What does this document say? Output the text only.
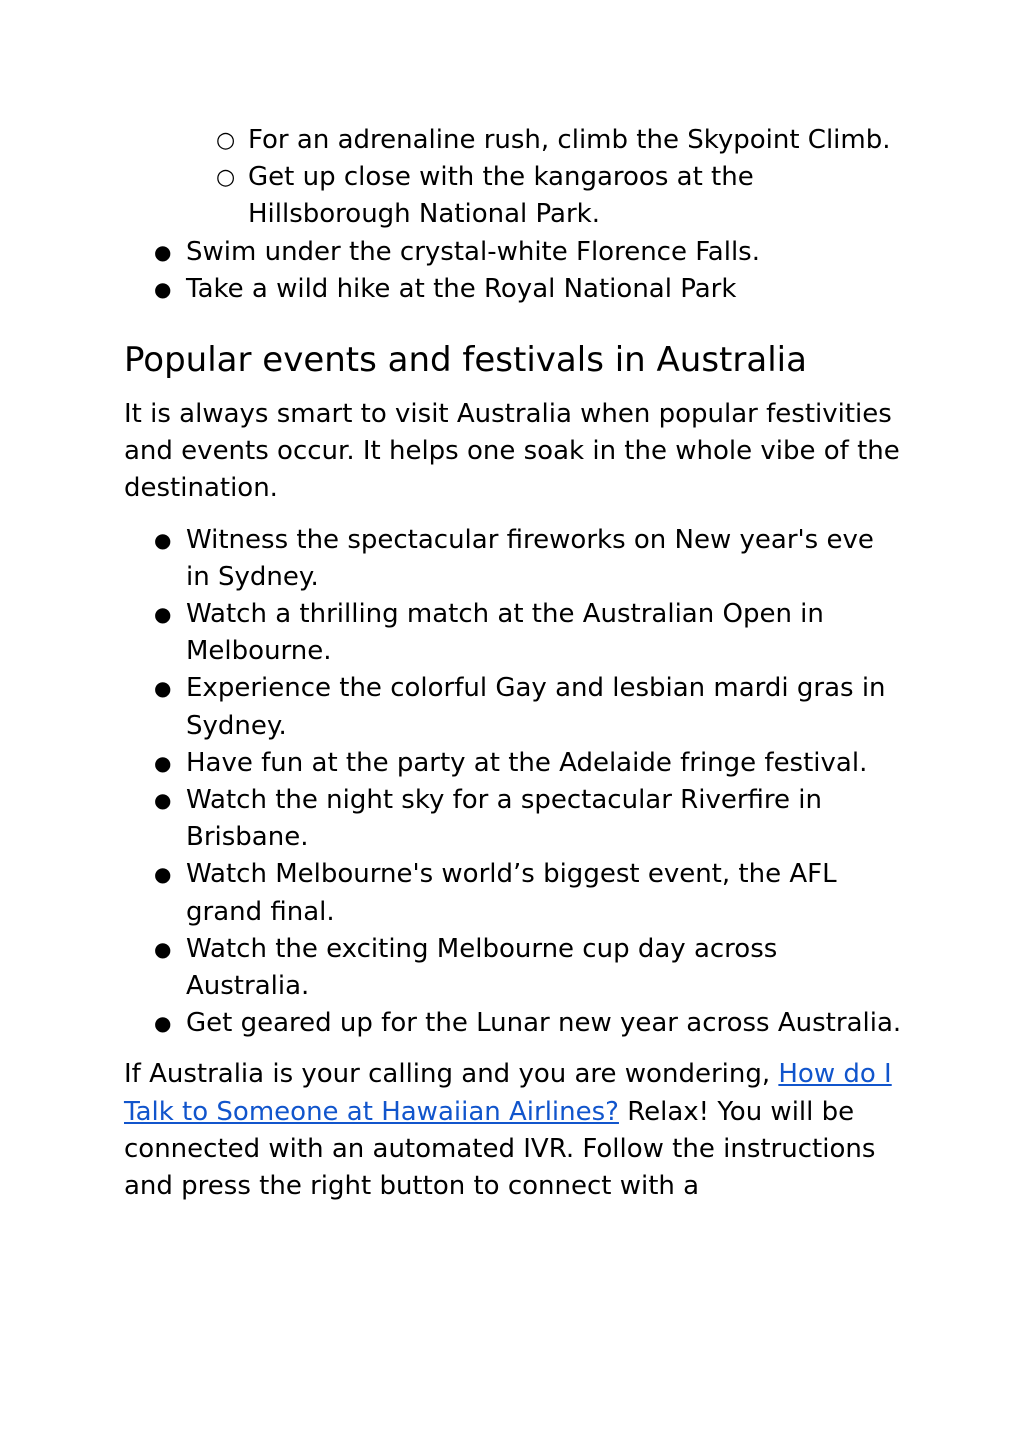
○ For an adrenaline rush, climb the Skypoint Climb.
○ Get up close with the kangaroos at the Hillsborough National Park.
● Swim under the crystal-white Florence Falls.
● Take a wild hike at the Royal National Park
Popular events and festivals in Australia

It is always smart to visit Australia when popular festivities and events occur. It helps one soak in the whole vibe of the destination.

● Witness the spectacular fireworks on New year's eve in Sydney.
● Watch a thrilling match at the Australian Open in Melbourne.
● Experience the colorful Gay and lesbian mardi gras in Sydney.
● Have fun at the party at the Adelaide fringe festival.
● Watch the night sky for a spectacular Riverfire in Brisbane.
● Watch Melbourne's world’s biggest event, the AFL grand final.
● Watch the exciting Melbourne cup day across Australia.
● Get geared up for the Lunar new year across Australia.

If Australia is your calling and you are wondering, How do I Talk to Someone at Hawaiian Airlines? Relax! You will be connected with an automated IVR. Follow the instructions and press the right button to connect with a
